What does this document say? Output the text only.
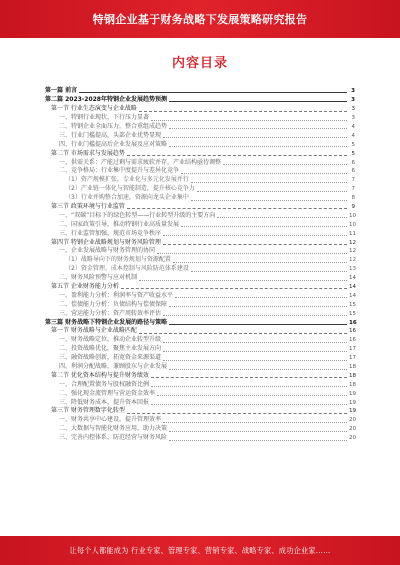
特钢企业基于财务战略下发展策略研究报告
内容目录
第一篇 前言	3
第二篇 2023-2028年特钢企业发展趋势预测	3
第一节 行业生态演变与企业战略	3
一、特钢行业现状，下行压力显著	3
二、特钢企业全面压力，整合重组成趋势	4
三、行业门槛提高，头部企业优势显现	4
四、行业门槛提高后企业发展及应对策略	5
第二节 市场需求与发展趋势	5
一、供需关系：产能过剩与需求疲软并存，产业结构亟待调整	6
二、竞争格局：行业集中度提升与差异化竞争	6
（1）资产规模扩张，专业化与多元化发展并行	7
（2）产业链一体化与智能制造，提升核心竞争力	7
（3）行业并购整合加速，资源向龙头企业集中	8
第三节 政策环境与行业监管	9
一、“双碳”目标下的绿色转型——行业转型升级的主要方向	10
二、国家政策引导，推动特钢行业高质量发展	10
三、行业监管加强，规范市场竞争秩序	11
第四节 特钢企业战略规划与财务风险管理	12
一、企业发展战略与财务管理的协同	12
（1）战略导向下的财务规划与资源配置	12
（2）资金管理、成本控制与风险防范体系建设	13
二、财务风险预警与应对机制	14
第五节 企业财务能力分析	14
一、盈利能力分析：利润率与资产收益水平	14
二、偿债能力分析：负债结构与偿债保障	15
三、营运能力分析：资产周转效率评估	15
第三篇 财务战略下特钢企业发展的路径与策略	16
第一节 财务战略与企业战略匹配	16
一、财务战略定位，推动企业转型升级	16
二、投资战略优化，聚焦主业发展方向	17
三、融资战略创新，拓宽资金来源渠道	17
四、利润分配战略，兼顾股东与企业发展	18
第二节 优化资本结构与提升财务绩效	18
一、合理配置债务与股权融资比例	18
二、强化现金流管理与营运资金效率	19
三、降低财务成本，提升资本回报	19
第三节 财务管理数字化转型	19
一、财务共享中心建设，提升管理效率	20
二、大数据与智能化财务应用，助力决策	20
三、完善内控体系，防范经营与财务风险	20
让每个人都能成为 行业专家、管理专家、营销专家、战略专家、成功企业家……
